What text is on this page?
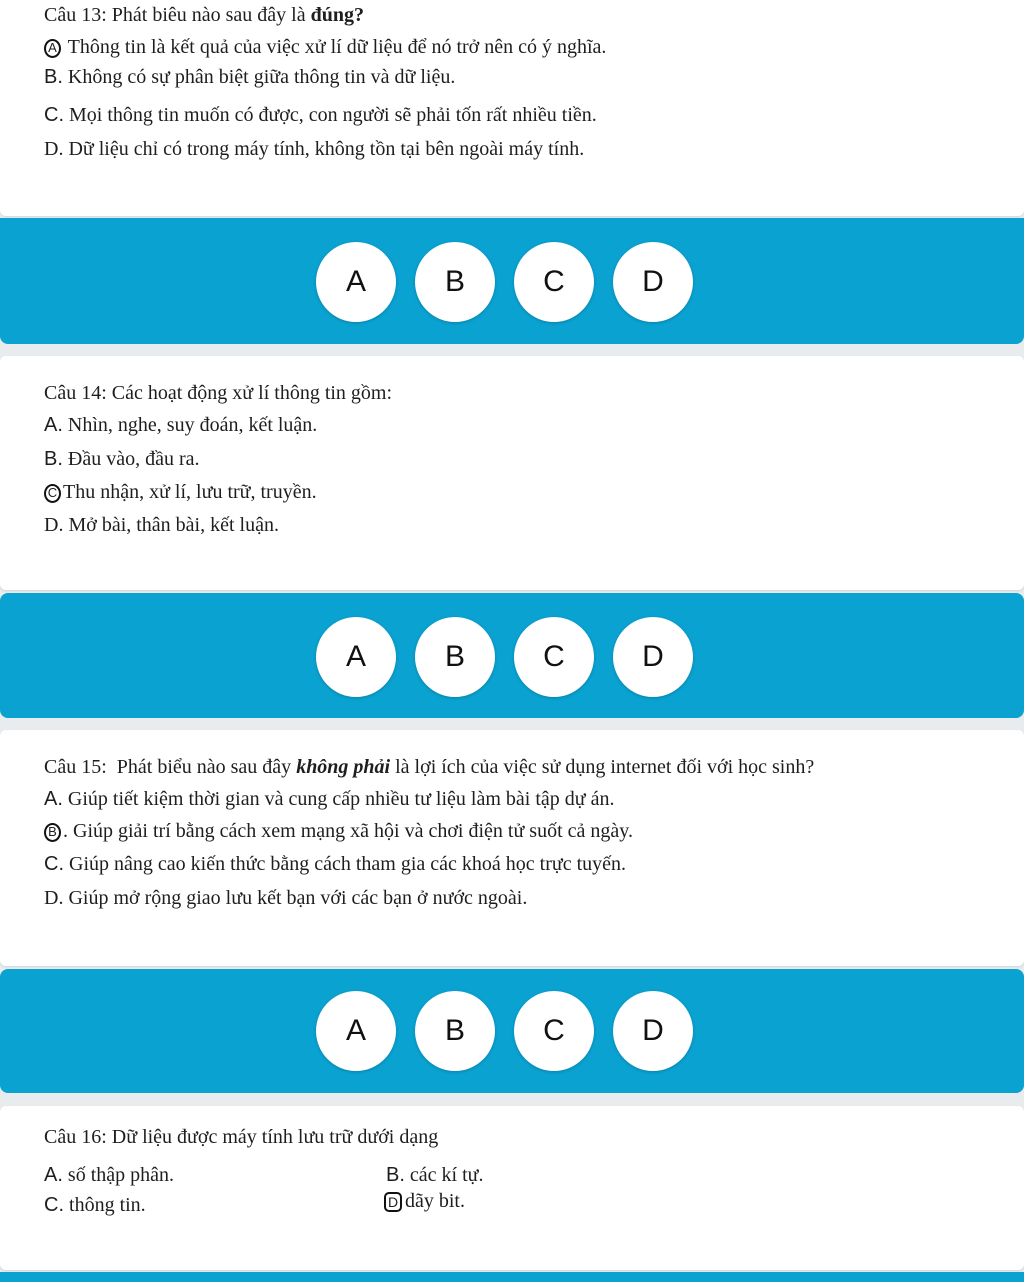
Câu 13: Phát biêu nào sau đây là đúng?
A Thông tin là kết quả của việc xử lí dữ liệu để nó trở nên có ý nghĩa.
B. Không có sự phân biệt giữa thông tin và dữ liệu.
C. Mọi thông tin muốn có được, con người sẽ phải tốn rất nhiều tiền.
D. Dữ liệu chỉ có trong máy tính, không tồn tại bên ngoài máy tính.
A	B	C	D
Câu 14: Các hoạt động xử lí thông tin gồm:
A. Nhìn, nghe, suy đoán, kết luận.
B. Đầu vào, đầu ra.
C Thu nhận, xử lí, lưu trữ, truyền.
D. Mở bài, thân bài, kết luận.
A	B	C	D
Câu 15: Phát biểu nào sau đây không phải là lợi ích của việc sử dụng internet đối với học sinh?
A. Giúp tiết kiệm thời gian và cung cấp nhiều tư liệu làm bài tập dự án.
B . Giúp giải trí bằng cách xem mạng xã hội và chơi điện tử suốt cả ngày.
C. Giúp nâng cao kiến thức bằng cách tham gia các khoá học trực tuyến.
D. Giúp mở rộng giao lưu kết bạn với các bạn ở nước ngoài.
A	B	C	D
Câu 16: Dữ liệu được máy tính lưu trữ dưới dạng
A. số thập phân.	B. các kí tự.
C. thông tin.	D dãy bit.
